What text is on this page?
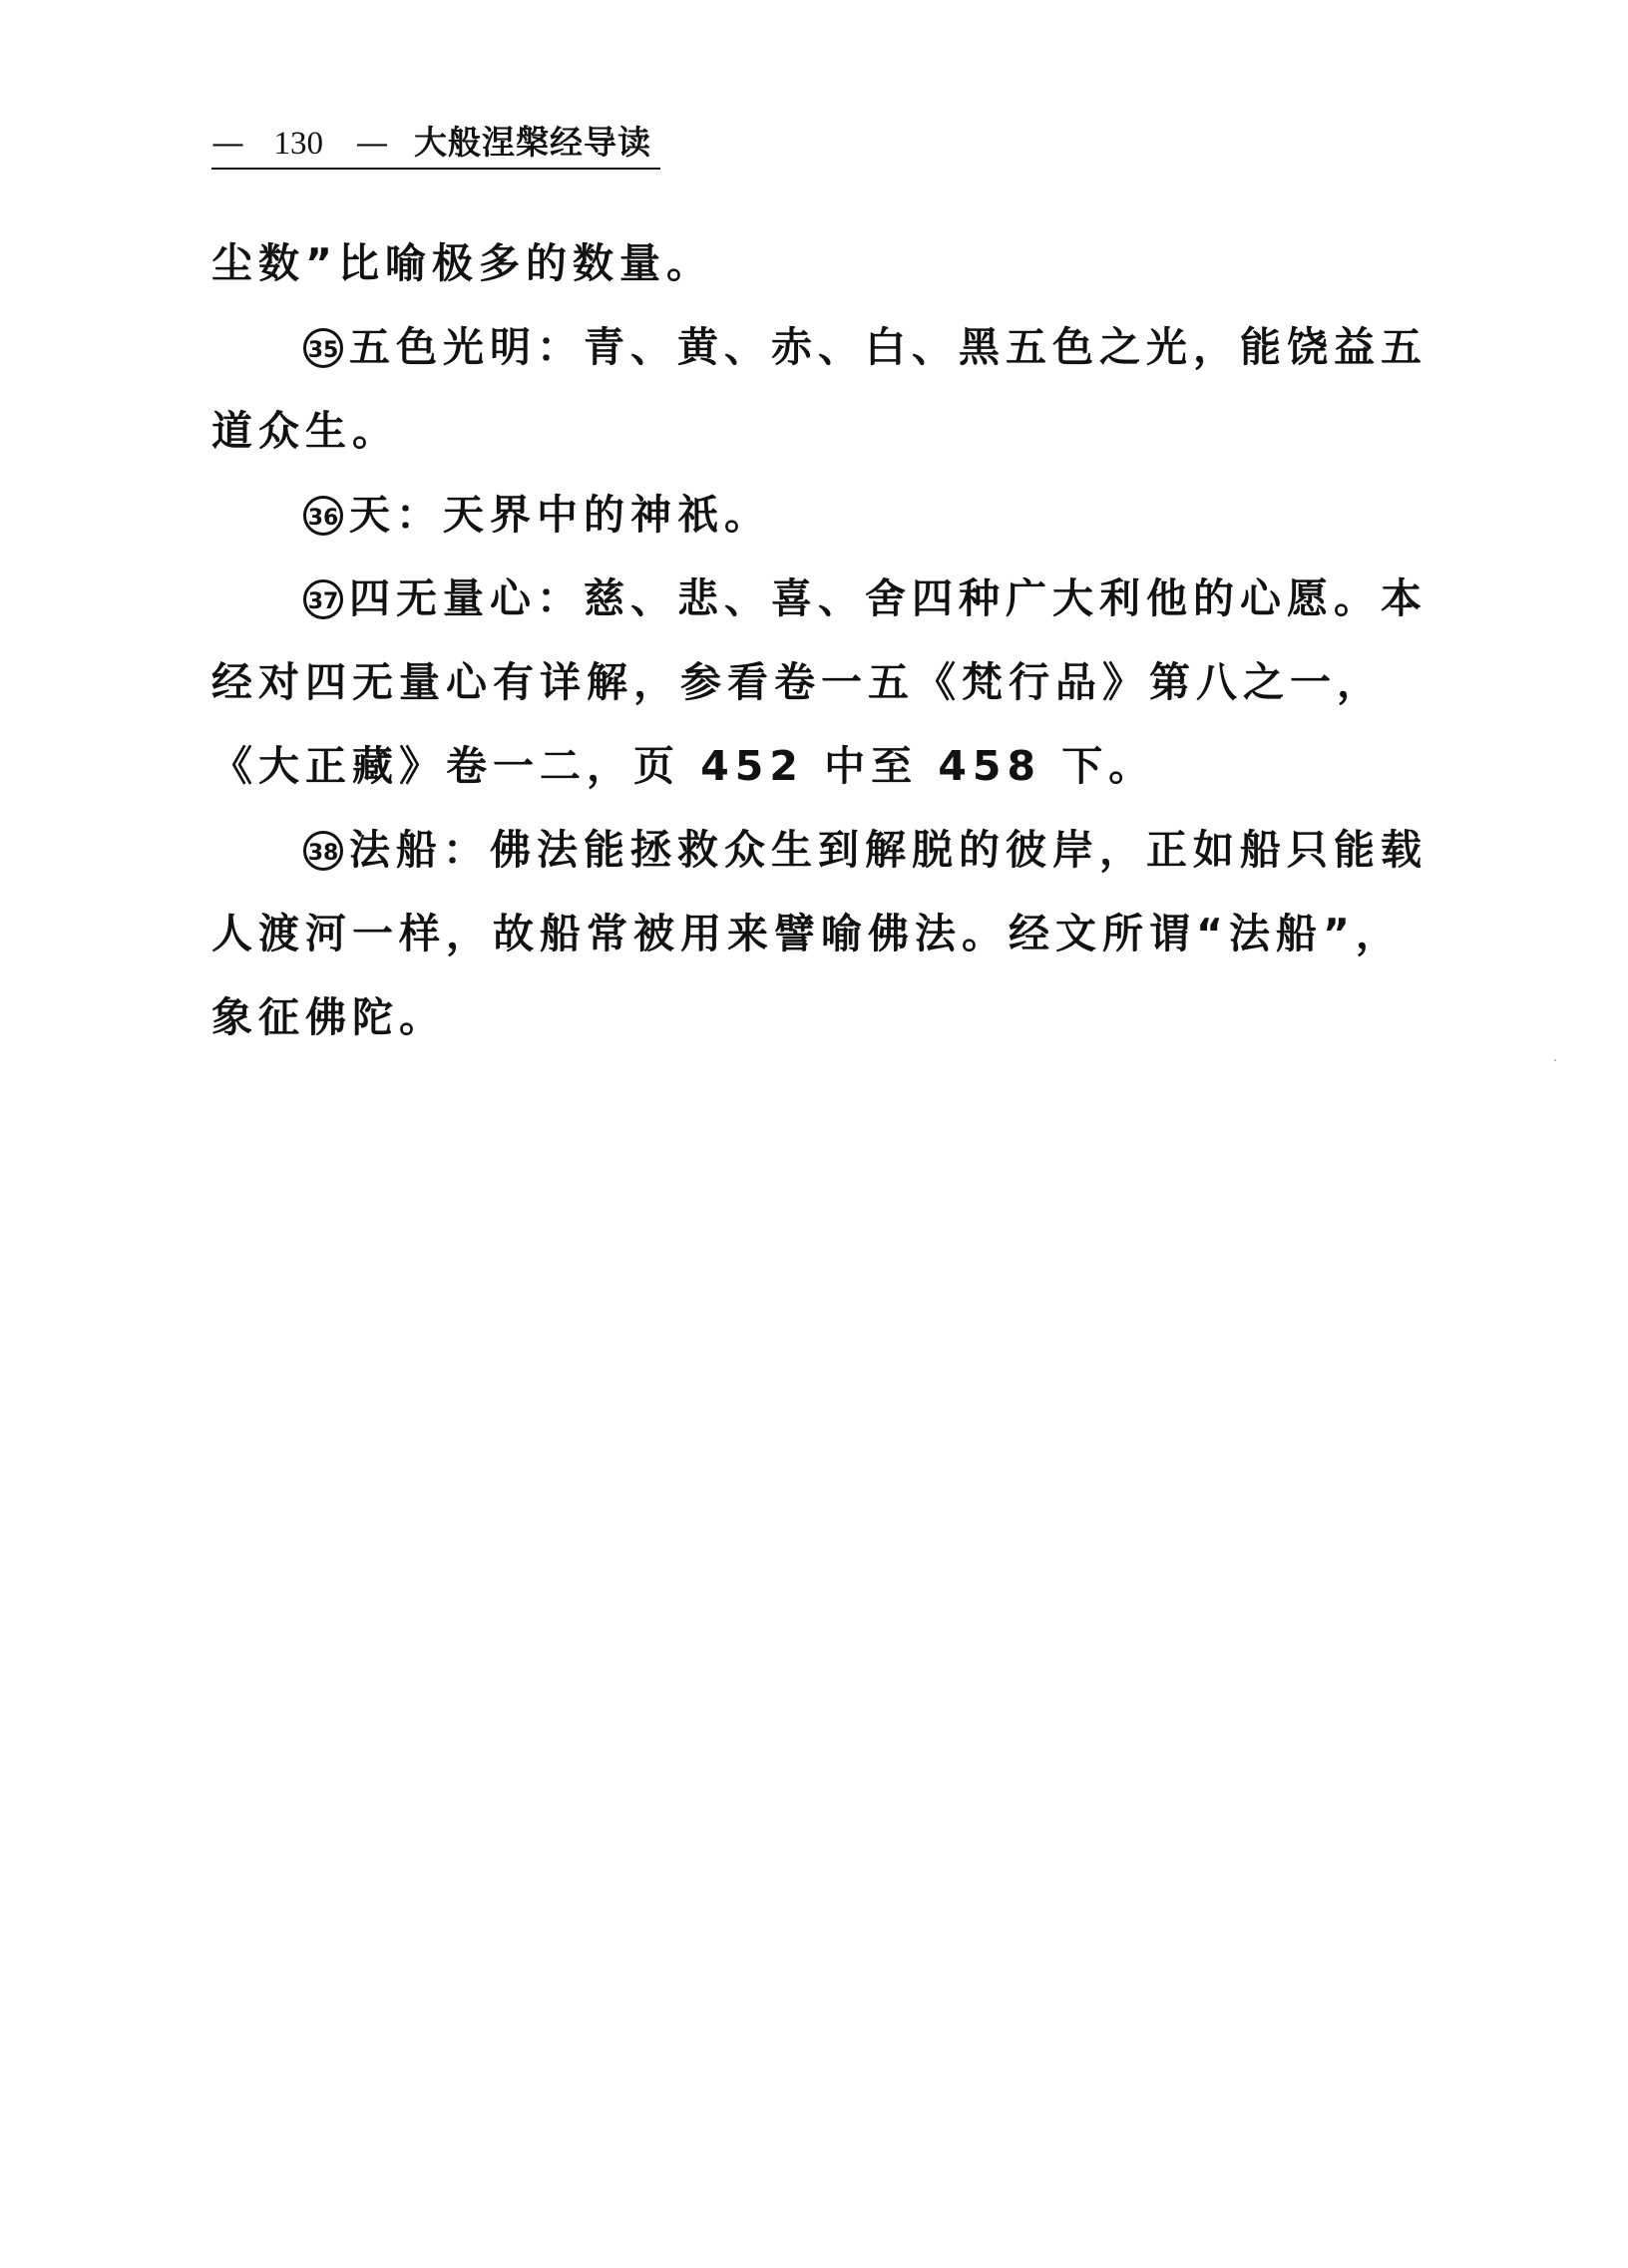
— 130 — 大般涅槃经导读
尘数”比喻极多的数量。
35 五色光明：青、黄、赤、白、黑五色之光，能饶益五
道众生。
36 天：天界中的神祇。
37 四无量心：慈、悲、喜、舍四种广大利他的心愿。本
经对四无量心有详解，参看卷一五《梵行品》第八之一，
《大正藏》卷一二，页 452 中至 458 下。
38 法船：佛法能拯救众生到解脱的彼岸，正如船只能载
人渡河一样，故船常被用来譬喻佛法。经文所谓“法船”，
象征佛陀。
